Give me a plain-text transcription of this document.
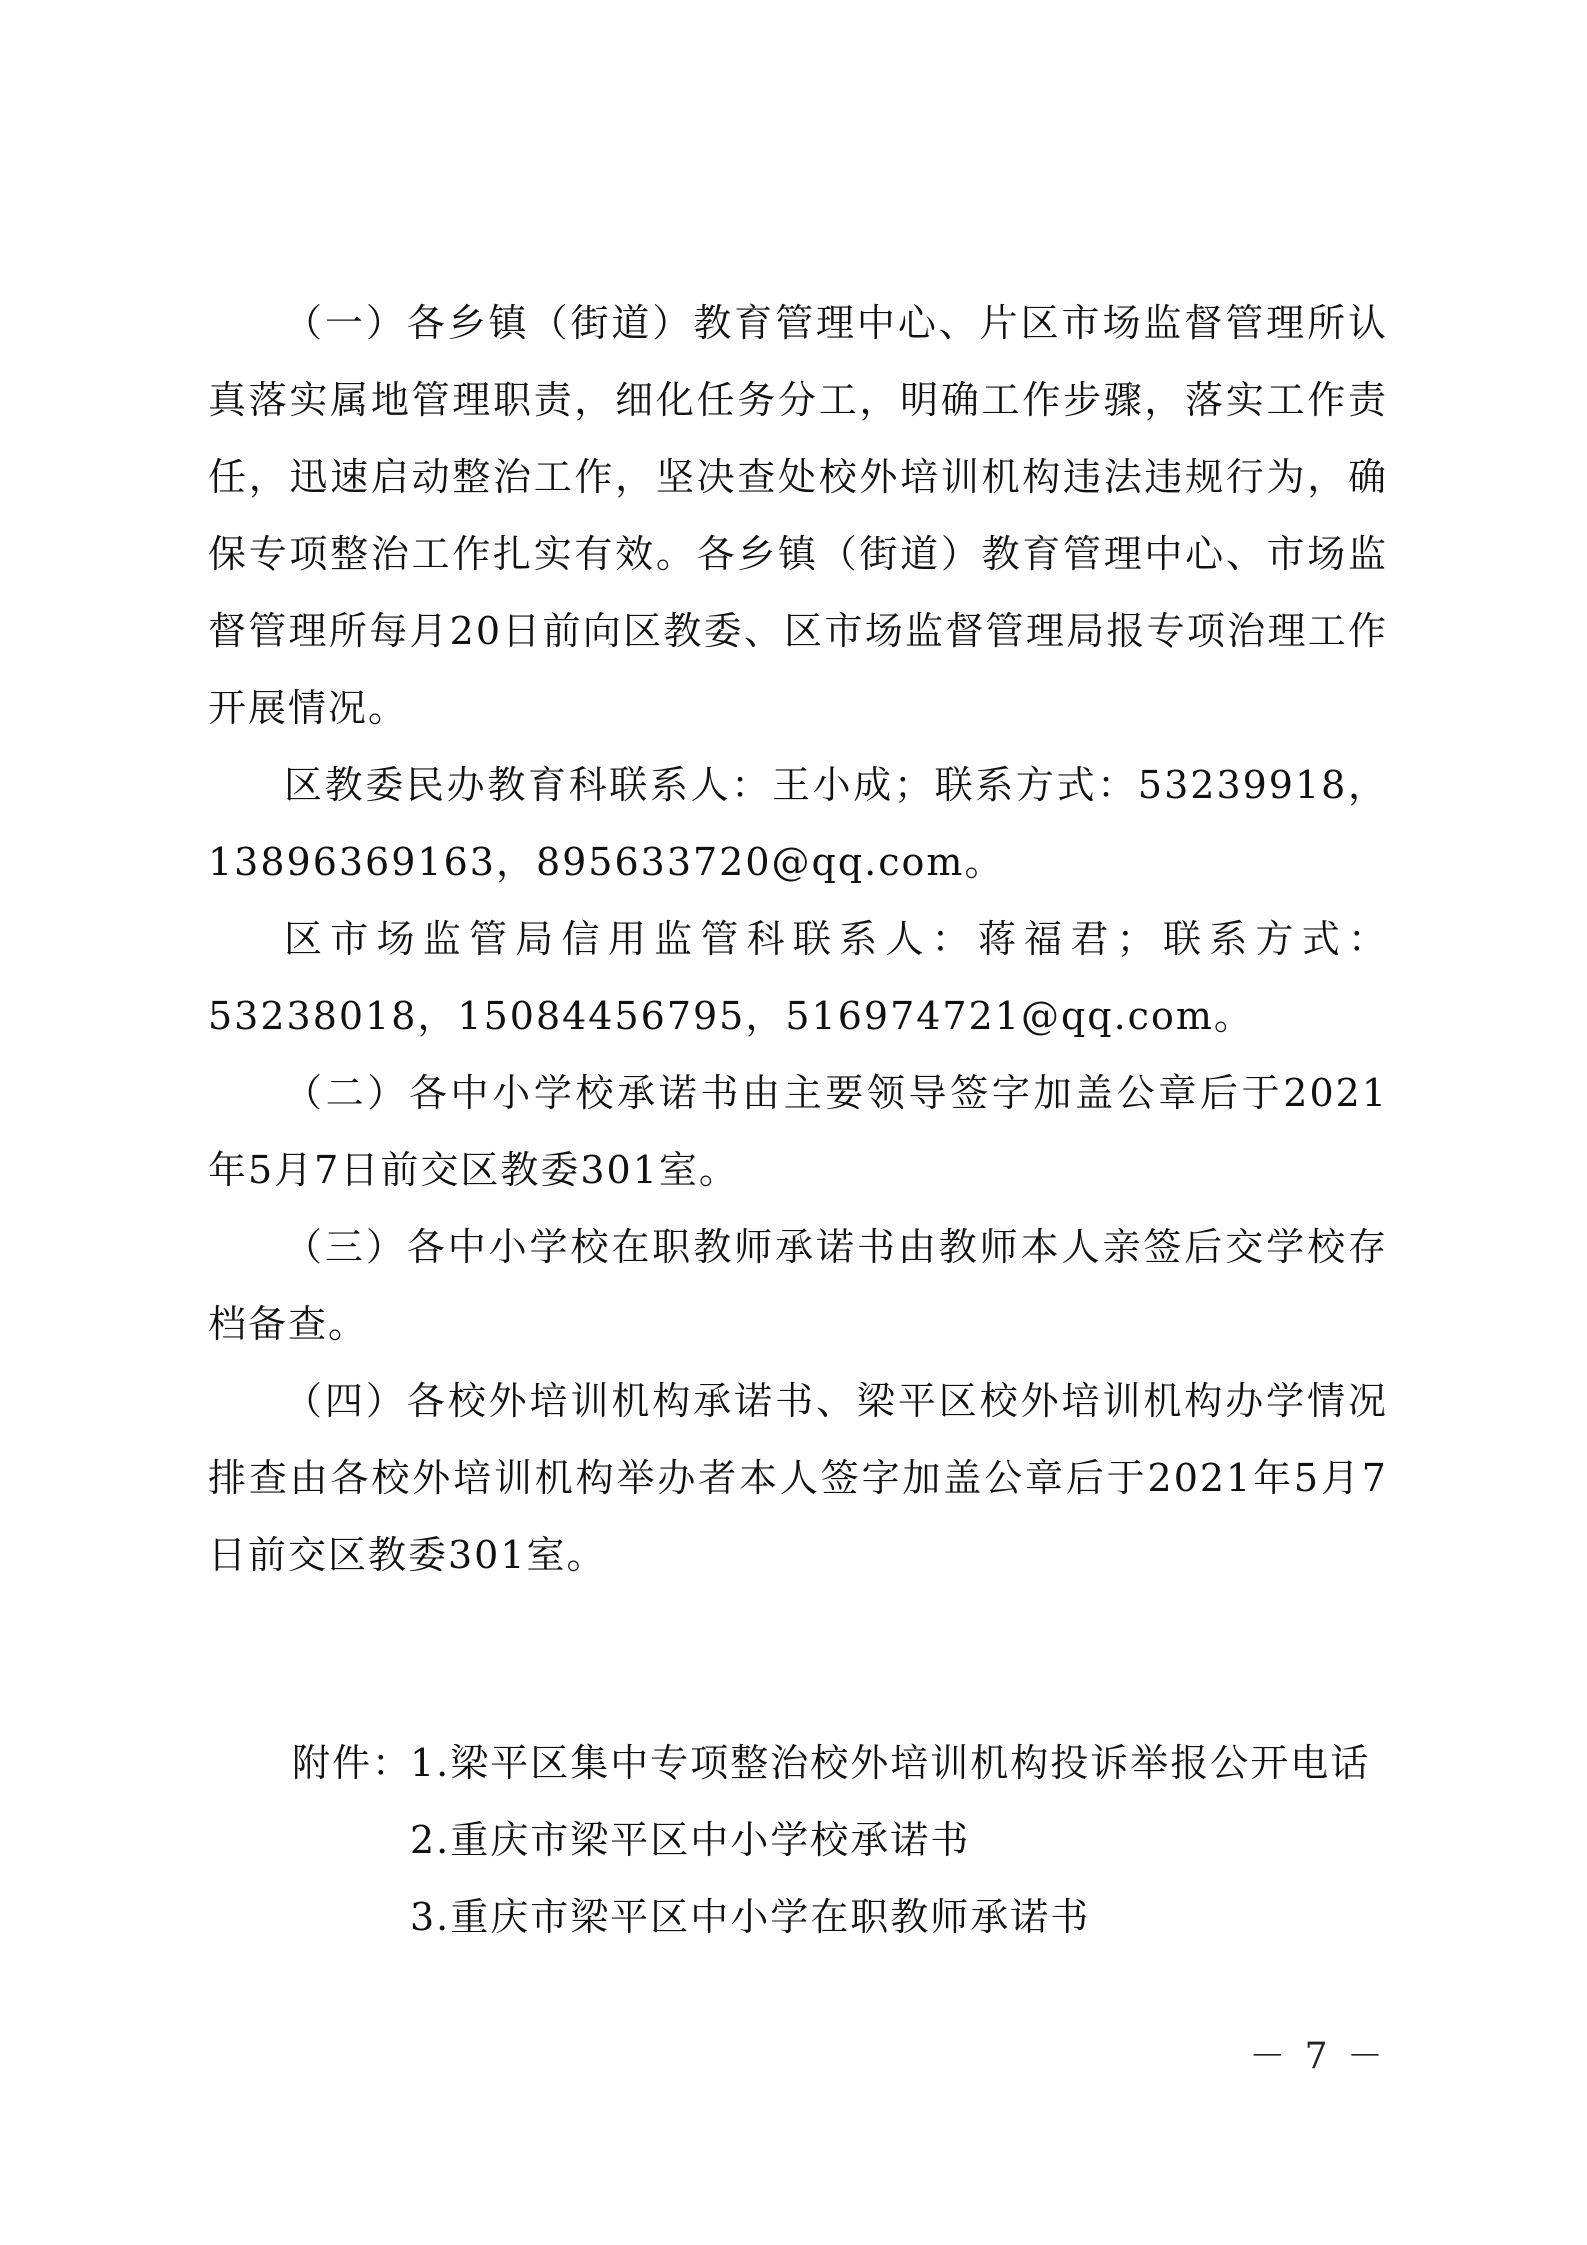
（一）各乡镇（街道）教育管理中心、片区市场监督管理所认真落实属地管理职责，细化任务分工，明确工作步骤，落实工作责任，迅速启动整治工作，坚决查处校外培训机构违法违规行为，确保专项整治工作扎实有效。各乡镇（街道）教育管理中心、市场监督管理所每月20日前向区教委、区市场监督管理局报专项治理工作开展情况。

区教委民办教育科联系人：王小成；联系方式：53239918，13896369163，895633720@qq.com。

区市场监管局信用监管科联系人：蒋福君；联系方式：53238018，15084456795，516974721@qq.com。

（二）各中小学校承诺书由主要领导签字加盖公章后于2021年5月7日前交区教委301室。

（三）各中小学校在职教师承诺书由教师本人亲签后交学校存档备查。

（四）各校外培训机构承诺书、梁平区校外培训机构办学情况排查由各校外培训机构举办者本人签字加盖公章后于2021年5月7日前交区教委301室。

附件：
1.梁平区集中专项整治校外培训机构投诉举报公开电话
2.重庆市梁平区中小学校承诺书
3.重庆市梁平区中小学在职教师承诺书
－ 7 －
